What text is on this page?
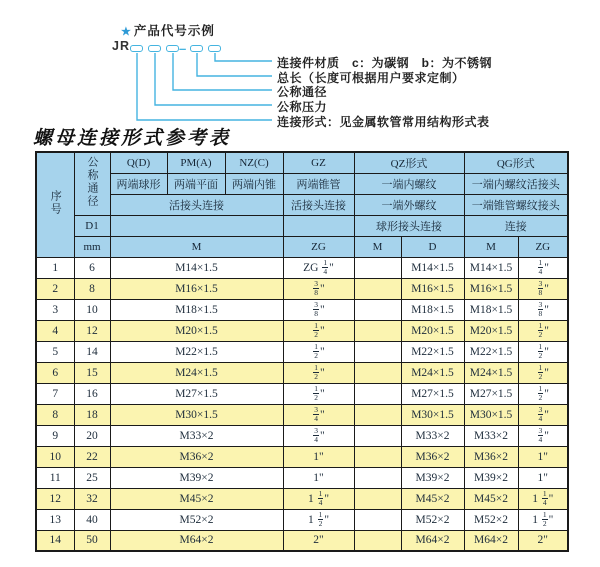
★ 产品代号示例
JR	–
连接件材质　c：为碳钢　b：为不锈钢
总长（长度可根据用户要求定制）
公称通径
公称压力
连接形式：见金属软管常用结构形式表
螺母连接形式参考表
序号	公称通径	Q(D)	PM(A)	NZ(C)	GZ	QZ形式		QG形式	
		两端球形	两端平面	两端内锥	两端锥管	一端内螺纹		一端内螺纹活接头	
		活接头连接			活接头连接	一端外螺纹		一端锥管螺纹接头	
	D1					球形接头连接		连接	
	mm	M			ZG	M	D	M	ZG
1	6	M14×1.5			ZG $\frac{1}{4}$ "		M14×1.5	M14×1.5	$\frac{1}{4}$ "
2	8	M16×1.5			$\frac{3}{8}$ "		M16×1.5	M16×1.5	$\frac{3}{8}$ "
3	10	M18×1.5			$\frac{3}{8}$ "		M18×1.5	M18×1.5	$\frac{3}{8}$ "
4	12	M20×1.5			$\frac{1}{2}$ "		M20×1.5	M20×1.5	$\frac{1}{2}$ "
5	14	M22×1.5			$\frac{1}{2}$ "		M22×1.5	M22×1.5	$\frac{1}{2}$ "
6	15	M24×1.5			$\frac{1}{2}$ "		M24×1.5	M24×1.5	$\frac{1}{2}$ "
7	16	M27×1.5			$\frac{1}{2}$ "		M27×1.5	M27×1.5	$\frac{1}{2}$ "
8	18	M30×1.5			$\frac{3}{4}$ "		M30×1.5	M30×1.5	$\frac{3}{4}$ "
9	20	M33×2			$\frac{3}{4}$ "		M33×2	M33×2	$\frac{3}{4}$ "
10	22	M36×2			1"		M36×2	M36×2	1"
11	25	M39×2			1"		M39×2	M39×2	1"
12	32	M45×2			$1 \frac{1}{4}$ "		M45×2	M45×2	$1 \frac{1}{4}$ "
13	40	M52×2			$1 \frac{1}{2}$ "		M52×2	M52×2	$1 \frac{1}{2}$ "
14	50	M64×2			2"		M64×2	M64×2	2"
